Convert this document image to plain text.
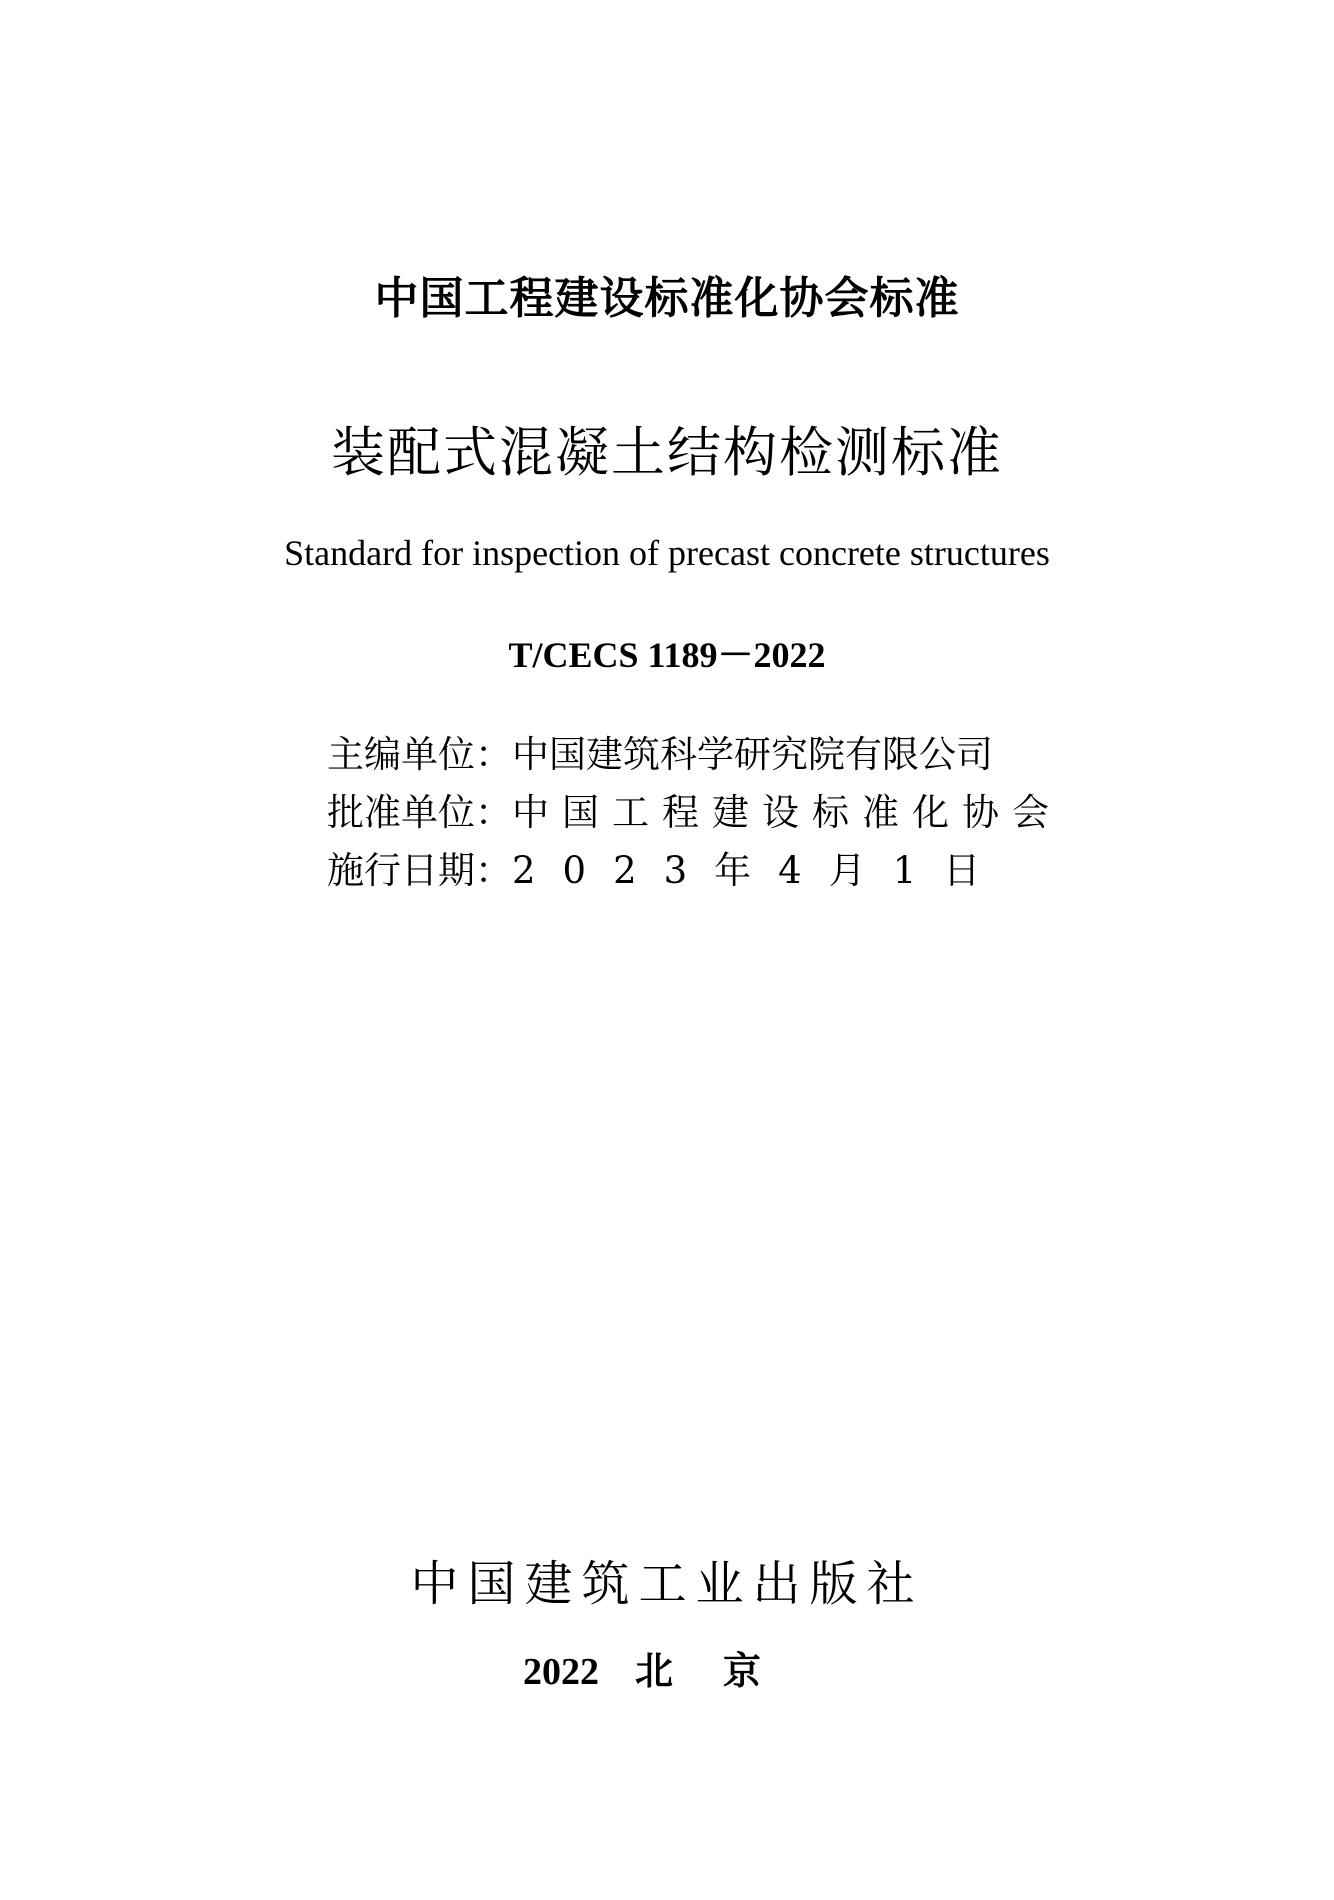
中国工程建设标准化协会标准
装配式混凝土结构检测标准
Standard for inspection of precast concrete structures
T/CECS 1189－2022
主编单位：中国建筑科学研究院有限公司
批准单位：中国工程建设标准化协会
施行日期：2023年4月1日
中国建筑工业出版社
2022 北京
